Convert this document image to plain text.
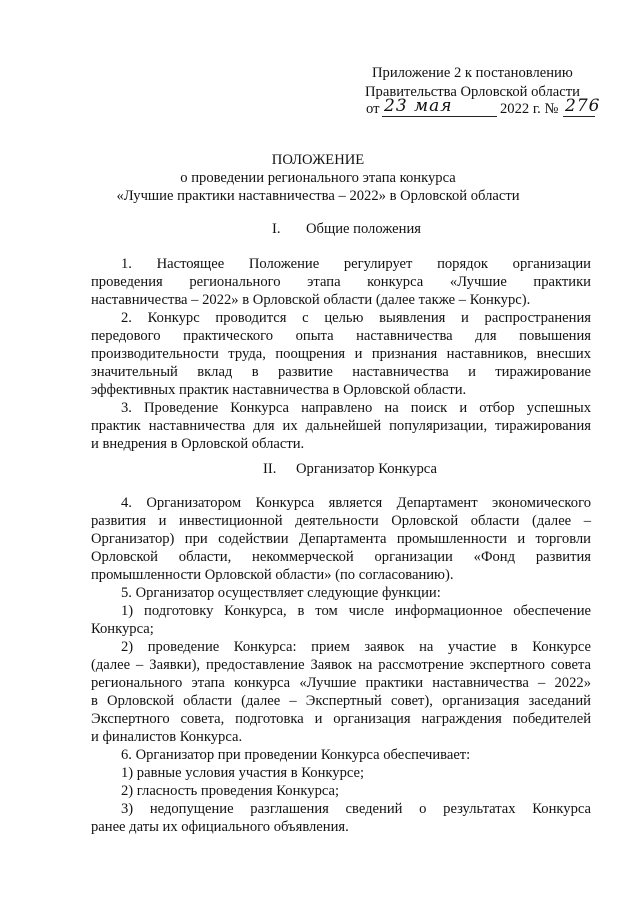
Приложение 2 к постановлению
Правительства Орловской области
от 23 мая	2022 г. № 276
ПОЛОЖЕНИЕ
о проведении регионального этапа конкурса
«Лучшие практики наставничества – 2022» в Орловской области
I. Общие положения
1. Настоящее Положение регулирует порядок организации
проведения регионального этапа конкурса «Лучшие практики
наставничества – 2022» в Орловской области (далее также – Конкурс).
2. Конкурс проводится с целью выявления и распространения
передового практического опыта наставничества для повышения
производительности труда, поощрения и признания наставников, внесших
значительный вклад в развитие наставничества и тиражирование
эффективных практик наставничества в Орловской области.
3. Проведение Конкурса направлено на поиск и отбор успешных
практик наставничества для их дальнейшей популяризации, тиражирования
и внедрения в Орловской области.
II. Организатор Конкурса
4. Организатором Конкурса является Департамент экономического
развития и инвестиционной деятельности Орловской области (далее –
Организатор) при содействии Департамента промышленности и торговли
Орловской области, некоммерческой организации «Фонд развития
промышленности Орловской области» (по согласованию).
5. Организатор осуществляет следующие функции:
1) подготовку Конкурса, в том числе информационное обеспечение
Конкурса;
2) проведение Конкурса: прием заявок на участие в Конкурсе
(далее – Заявки), предоставление Заявок на рассмотрение экспертного совета
регионального этапа конкурса «Лучшие практики наставничества – 2022»
в Орловской области (далее – Экспертный совет), организация заседаний
Экспертного совета, подготовка и организация награждения победителей
и финалистов Конкурса.
6. Организатор при проведении Конкурса обеспечивает:
1) равные условия участия в Конкурсе;
2) гласность проведения Конкурса;
3) недопущение разглашения сведений о результатах Конкурса
ранее даты их официального объявления.
